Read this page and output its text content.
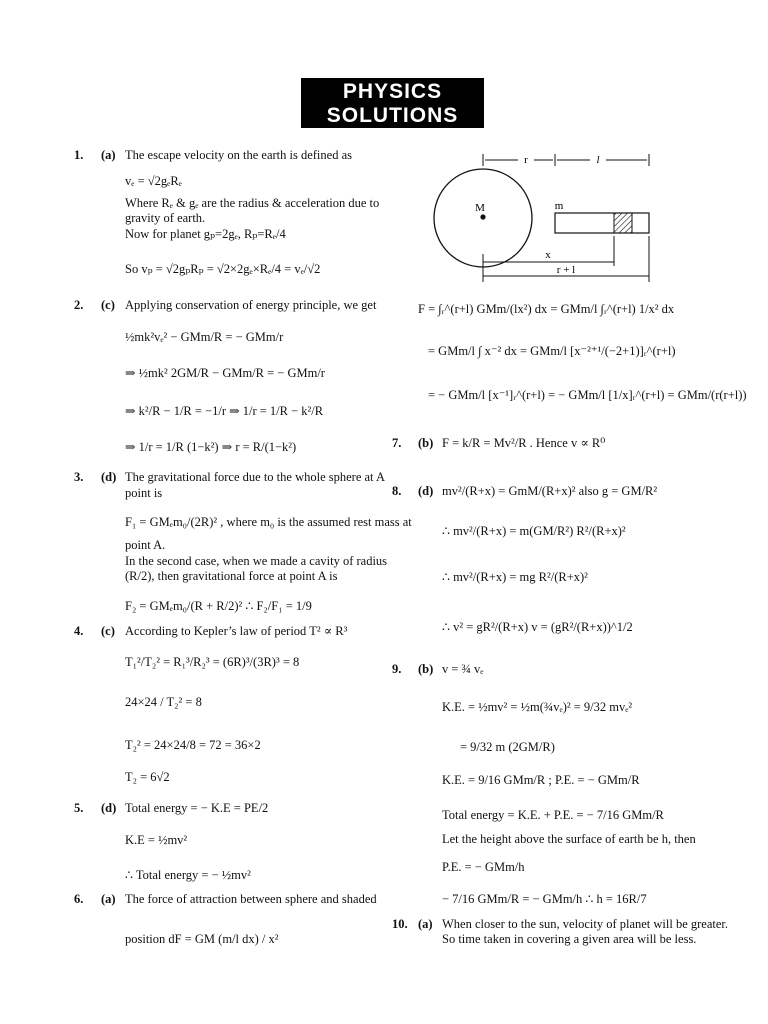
PHYSICS
SOLUTIONS
1. (a) The escape velocity on the earth is defined as
vₑ = √2gₑRₑ
Where Rₑ & gₑ are the radius & acceleration due to
gravity of earth.
Now for planet gₚ=2gₑ, Rₚ=Rₑ/4
So vₚ = √2gₚRₚ = √2×2gₑ×Rₑ/4 = vₑ/√2
2. (c) Applying conservation of energy principle, we get
½mk²vₑ² − GMm/R = − GMm/r
⇒ ½mk² 2GM/R − GMm/R = − GMm/r
⇒ k²/R − 1/R = −1/r ⇒ 1/r = 1/R − k²/R
⇒ 1/r = 1/R (1−k²) ⇒ r = R/(1−k²)
3. (d) The gravitational force due to the whole sphere at A
point is
F₁ = GMₑm₀/(2R)² , where m₀ is the assumed rest mass at
point A.
In the second case, when we made a cavity of radius
(R/2), then gravitational force at point A is
F₂ = GMₑm₀/(R + R/2)² ∴ F₂/F₁ = 1/9
4. (c) According to Kepler’s law of period T² ∝ R³
T₁²/T₂² = R₁³/R₂³ = (6R)³/(3R)³ = 8
24×24 / T₂² = 8
T₂² = 24×24/8 = 72 = 36×2
T₂ = 6√2
5. (d) Total energy = − K.E = PE/2
K.E = ½mv²
∴ Total energy = − ½mv²
6. (a) The force of attraction between sphere and shaded
position dF = GM (m/l dx) / x²
r	l
M	m
x
r + l
F = ∫ᵣ^(r+l) GMm/(lx²) dx = GMm/l ∫ᵣ^(r+l) 1/x² dx
= GMm/l ∫ x⁻² dx = GMm/l [x⁻²⁺¹/(−2+1)]ᵣ^(r+l)
= − GMm/l [x⁻¹]ᵣ^(r+l) = − GMm/l [1/x]ᵣ^(r+l) = GMm/(r(r+l))
7. (b) F = k/R = Mv²/R . Hence v ∝ R⁰
8. (d) mv²/(R+x) = GmM/(R+x)² also g = GM/R²
∴ mv²/(R+x) = m(GM/R²) R²/(R+x)²
∴ mv²/(R+x) = mg R²/(R+x)²
∴ v² = gR²/(R+x) v = (gR²/(R+x))^1/2
9. (b) v = ¾ vₑ
K.E. = ½mv² = ½m(¾vₑ)² = 9/32 mvₑ²
= 9/32 m (2GM/R)
K.E. = 9/16 GMm/R ; P.E. = − GMm/R
Total energy = K.E. + P.E. = − 7/16 GMm/R
Let the height above the surface of earth be h, then
P.E. = − GMm/h
− 7/16 GMm/R = − GMm/h ∴ h = 16R/7
10. (a) When closer to the sun, velocity of planet will be greater.
So time taken in covering a given area will be less.
